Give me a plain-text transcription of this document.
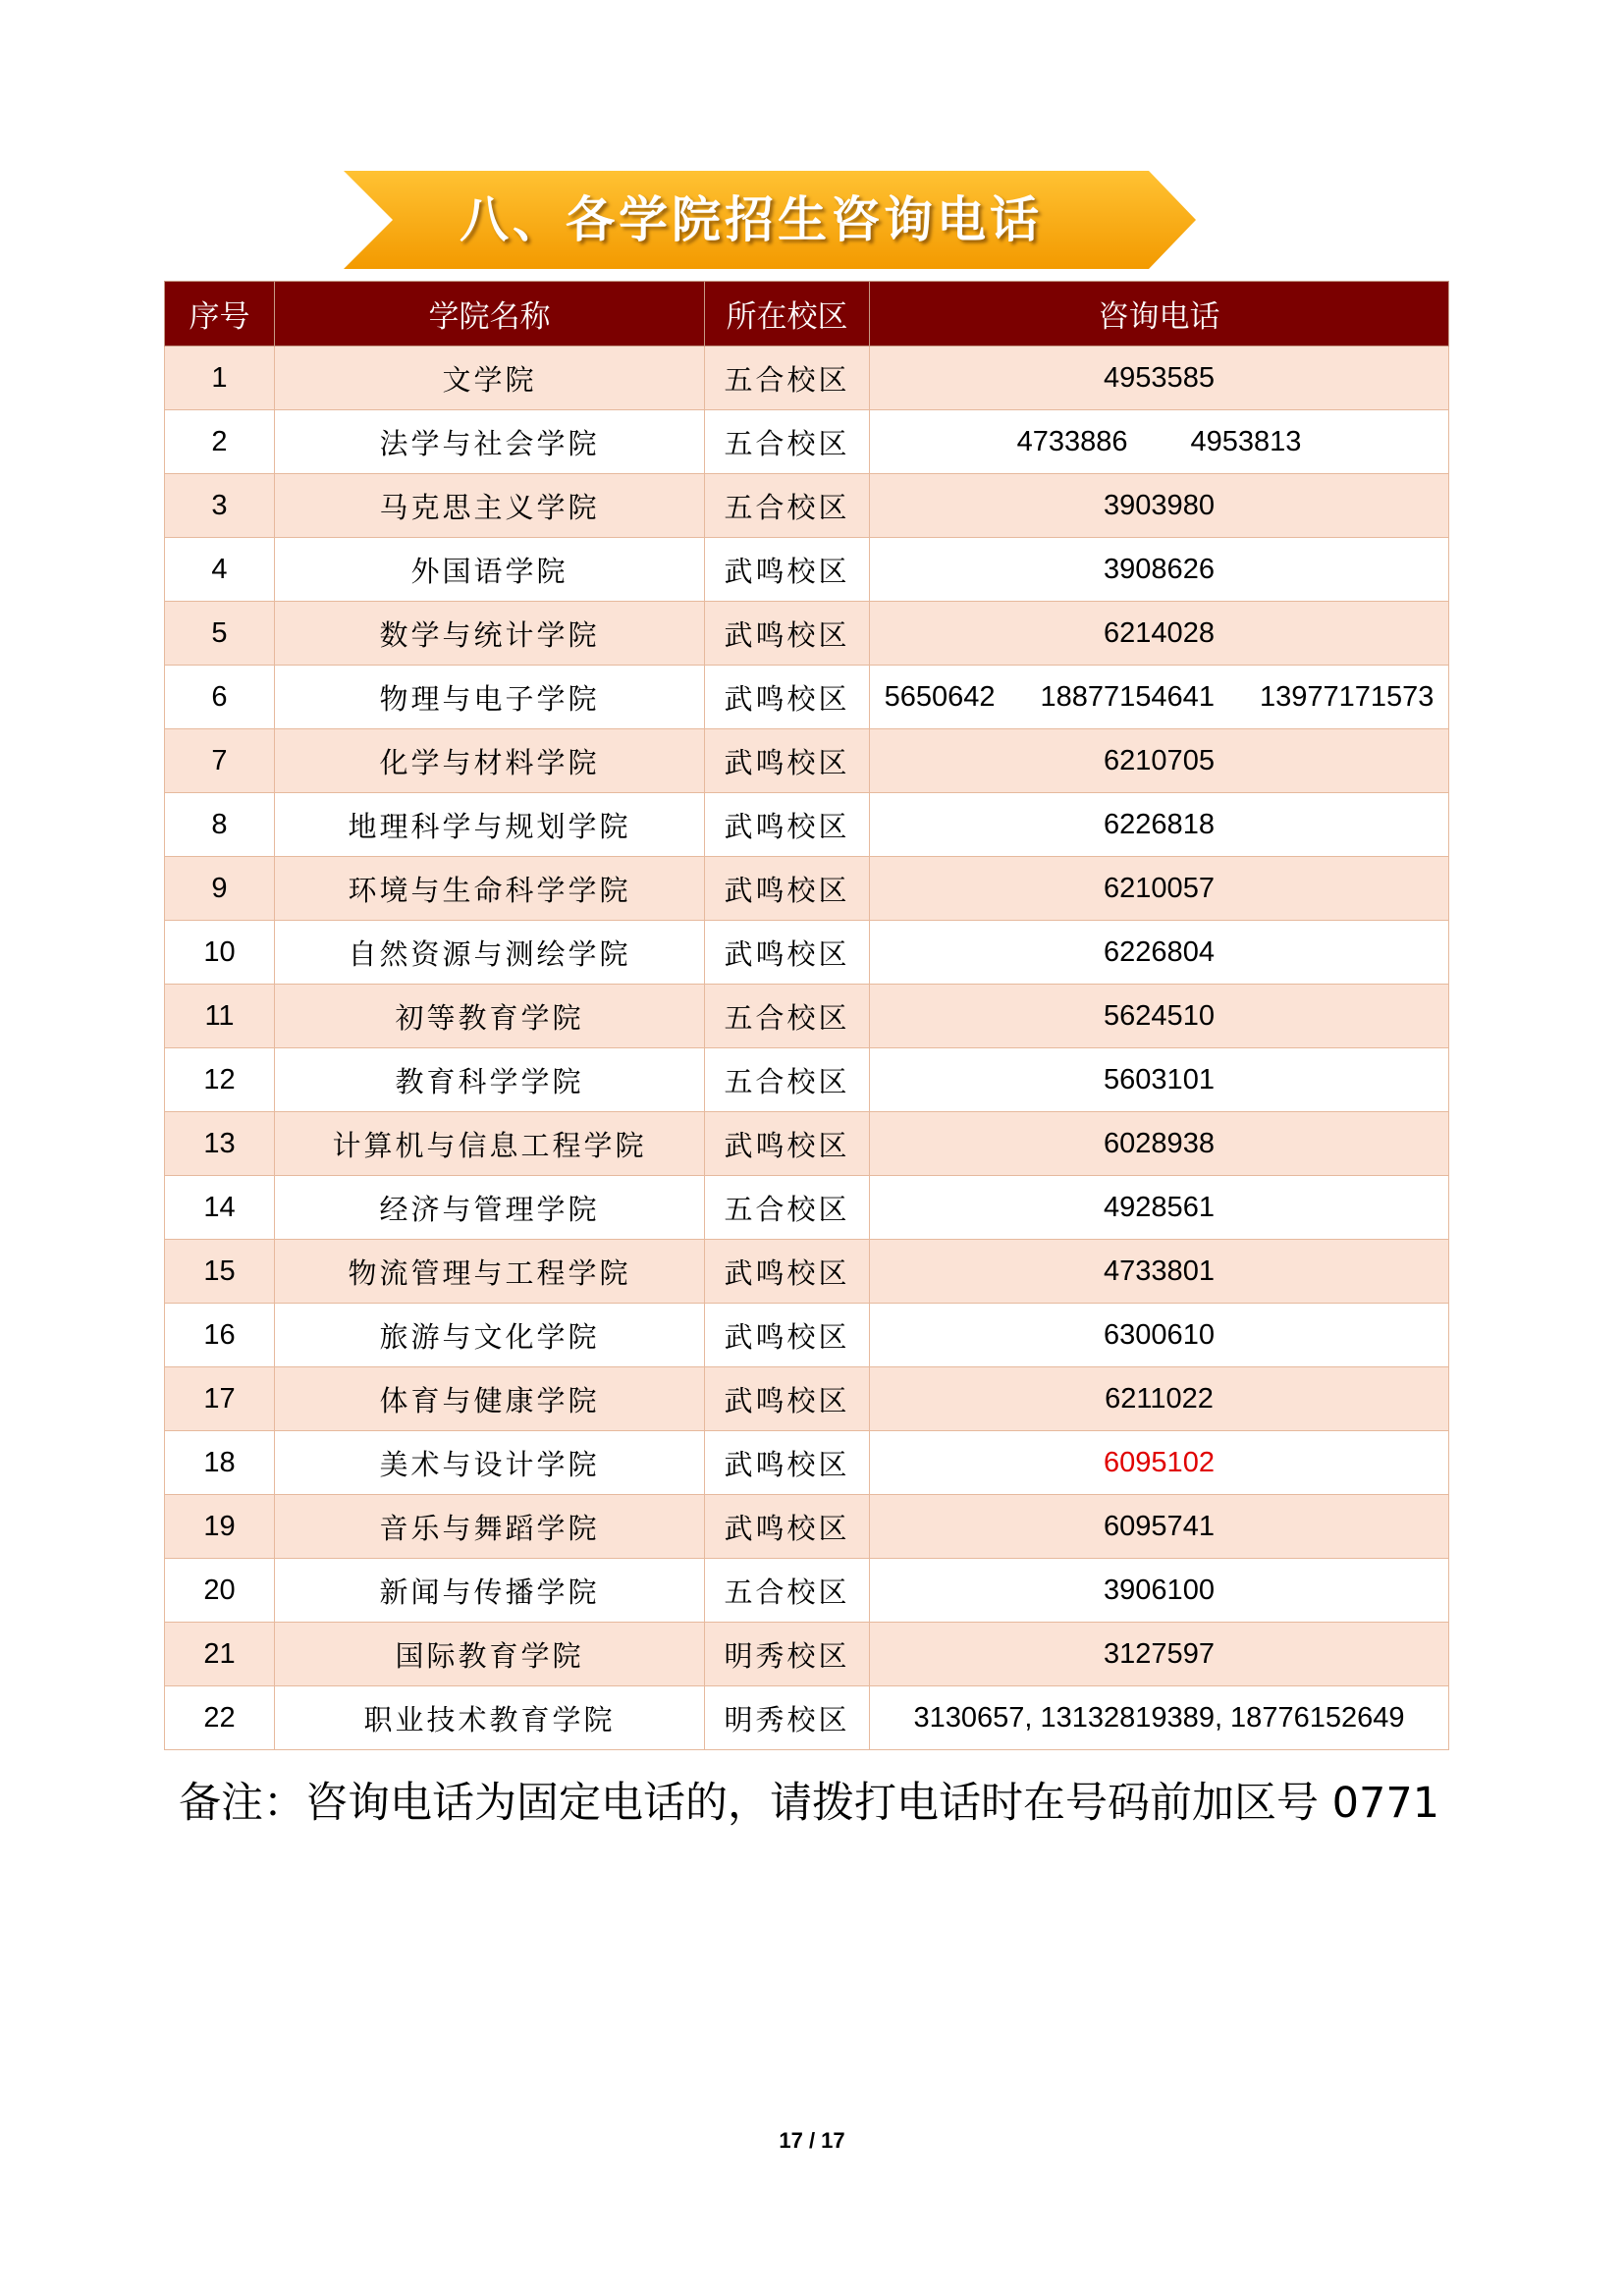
八、各学院招生咨询电话
序号	学院名称	所在校区	咨询电话
1	文学院	五合校区	4953585
2	法学与社会学院	五合校区	4733886 4953813
3	马克思主义学院	五合校区	3903980
4	外国语学院	武鸣校区	3908626
5	数学与统计学院	武鸣校区	6214028
6	物理与电子学院	武鸣校区	5650642 18877154641 13977171573
7	化学与材料学院	武鸣校区	6210705
8	地理科学与规划学院	武鸣校区	6226818
9	环境与生命科学学院	武鸣校区	6210057
10	自然资源与测绘学院	武鸣校区	6226804
11	初等教育学院	五合校区	5624510
12	教育科学学院	五合校区	5603101
13	计算机与信息工程学院	武鸣校区	6028938
14	经济与管理学院	五合校区	4928561
15	物流管理与工程学院	武鸣校区	4733801
16	旅游与文化学院	武鸣校区	6300610
17	体育与健康学院	武鸣校区	6211022
18	美术与设计学院	武鸣校区	6095102
19	音乐与舞蹈学院	武鸣校区	6095741
20	新闻与传播学院	五合校区	3906100
21	国际教育学院	明秀校区	3127597
22	职业技术教育学院	明秀校区	3130657, 13132819389, 18776152649
备注：咨询电话为固定电话的，请拨打电话时在号码前加区号 0771
17 / 17
